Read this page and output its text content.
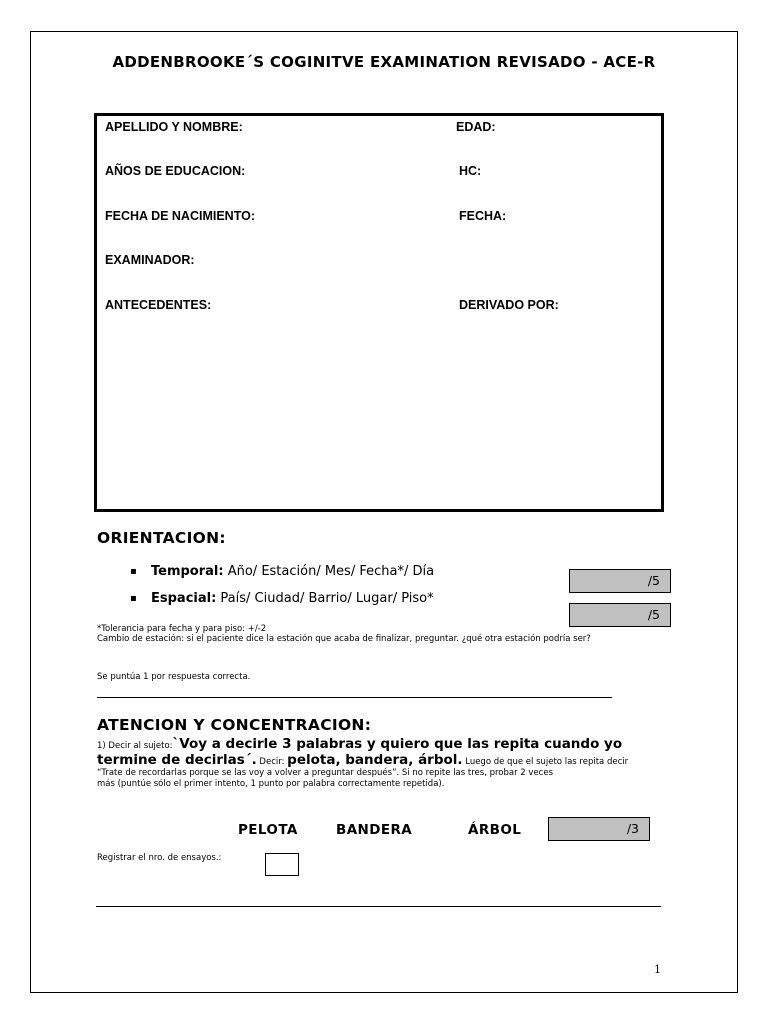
ADDENBROOKE´S COGINITVE EXAMINATION REVISADO - ACE-R
APELLIDO Y NOMBRE:	EDAD:
AÑOS DE EDUCACION:	HC:
FECHA DE NACIMIENTO:	FECHA:
EXAMINADOR:
ANTECEDENTES:	DERIVADO POR:
ORIENTACION:
▪ Temporal: Año/ Estación/ Mes/ Fecha*/ Día
▪ Espacial: País/ Ciudad/ Barrio/ Lugar/ Piso*
/5
/5
*Tolerancia para fecha y para piso: +/-2
Cambio de estación: si el paciente dice la estación que acaba de finalizar, preguntar. ¿qué otra estación podría ser?
Se puntúa 1 por respuesta correcta.
ATENCION Y CONCENTRACION:
1) Decir al sujeto:`Voy a decirle 3 palabras y quiero que las repita cuando yo
termine de decirlas´. Decir: pelota, bandera, árbol. Luego de que el sujeto las repita decir
“Trate de recordarlas porque se las voy a volver a preguntar después”. Si no repite las tres, probar 2 veces
más (puntúe sólo el primer intento, 1 punto por palabra correctamente repetida).
PELOTA	BANDERA	ÁRBOL	/3
Registrar el nro. de ensayos.:
1
